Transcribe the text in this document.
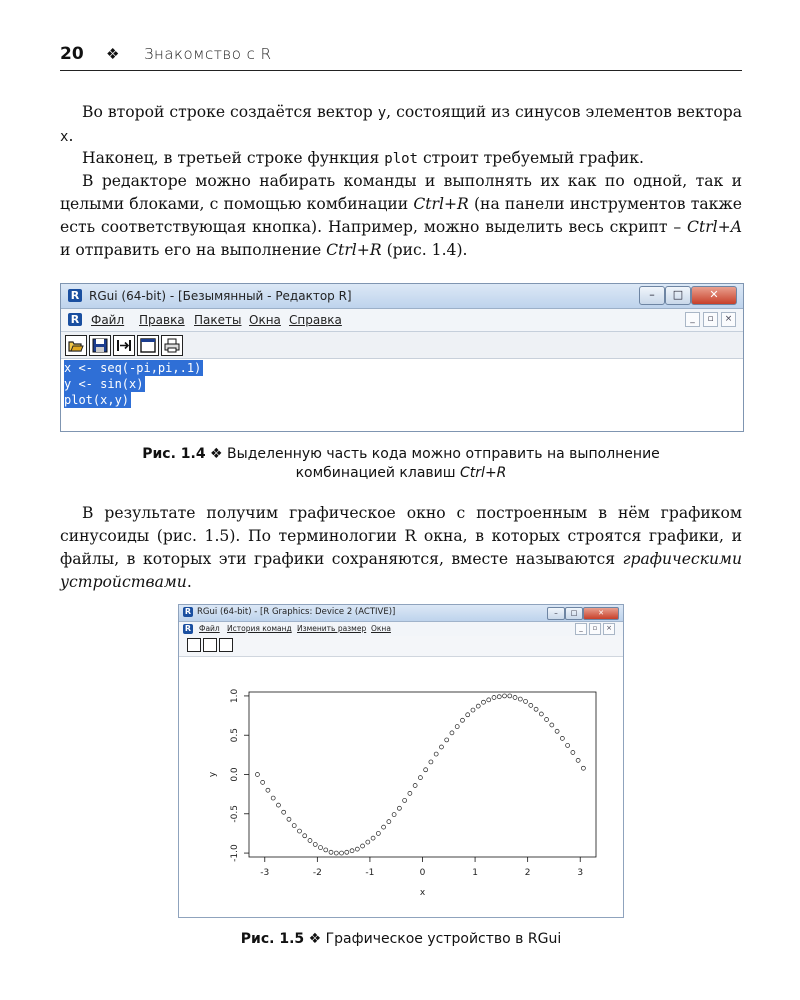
20 ❖ Знакомство с R

Во второй строке создаётся вектор y, состоящий из синусов элементов вектора x.

Наконец, в третьей строке функция plot строит требуемый график.

В редакторе можно набирать команды и выполнять их как по одной, так и целыми блоками, с помощью комбинации Ctrl+R (на панели инструментов также есть соответствующая кнопка). Например, можно выделить весь скрипт – Ctrl+A и отправить его на выполнение Ctrl+R (рис. 1.4).

R RGui (64-bit) - [Безымянный - Редактор R]	–	□	✕
R Файл Правка Пакеты Окна Справка	_	▫	×
x <- seq(-pi,pi,.1)
y <- sin(x)
plot(x,y)
Рис. 1.4 ❖ Выделенную часть кода можно отправить на выполнение
комбинацией клавиш Ctrl+R

В результате получим графическое окно с построенным в нём графиком синусоиды (рис. 1.5). По терминологии R окна, в которых строятся графики, и файлы, в которых эти графики сохраняются, вместе называются графическими устройствами.

R RGui (64-bit) - [R Graphics: Device 2 (ACTIVE)]	–	□	✕
R Файл История команд Изменить размер Окна	_	▫	×
-3	-2	-1	0	1	2	3
-1.0
-0.5
0.0
0.5
1.0
x
y
Рис. 1.5 ❖ Графическое устройство в RGui
